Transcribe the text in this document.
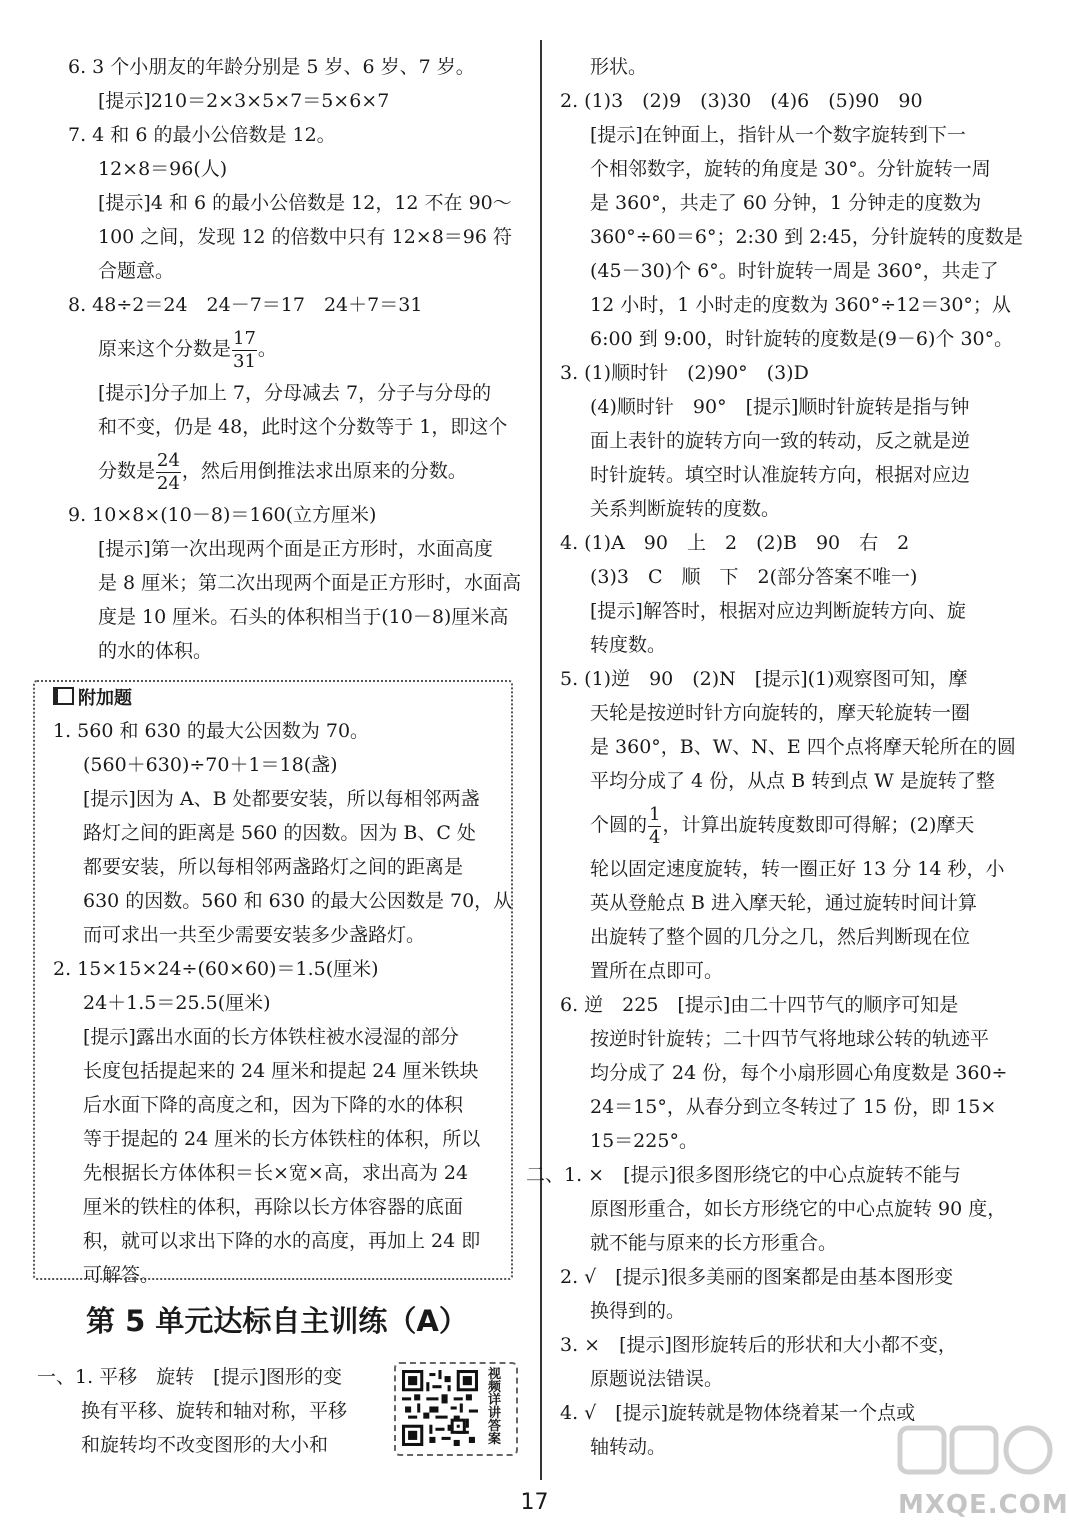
6. 3 个小朋友的年龄分别是 5 岁、6 岁、7 岁。
[提示]210＝2×3×5×7＝5×6×7
7. 4 和 6 的最小公倍数是 12。
12×8＝96(人)
[提示]4 和 6 的最小公倍数是 12，12 不在 90～
100 之间，发现 12 的倍数中只有 12×8＝96 符
合题意。
8. 48÷2＝24　24－7＝17　24＋7＝31
原来这个分数是 $\frac{17}{31}$ 。
[提示]分子加上 7，分母减去 7，分子与分母的
和不变，仍是 48，此时这个分数等于 1，即这个
分数是 $\frac{24}{24}$ ，然后用倒推法求出原来的分数。
9. 10×8×(10－8)＝160(立方厘米)
[提示]第一次出现两个面是正方形时，水面高度
是 8 厘米；第二次出现两个面是正方形时，水面高
度是 10 厘米。石头的体积相当于(10－8)厘米高
的水的体积。
附加题
1. 560 和 630 的最大公因数为 70。
(560＋630)÷70＋1＝18(盏)
[提示]因为 A、B 处都要安装，所以每相邻两盏
路灯之间的距离是 560 的因数。因为 B、C 处
都要安装，所以每相邻两盏路灯之间的距离是
630 的因数。560 和 630 的最大公因数是 70，从
而可求出一共至少需要安装多少盏路灯。
2. 15×15×24÷(60×60)＝1.5(厘米)
24＋1.5＝25.5(厘米)
[提示]露出水面的长方体铁柱被水浸湿的部分
长度包括提起来的 24 厘米和提起 24 厘米铁块
后水面下降的高度之和，因为下降的水的体积
等于提起的 24 厘米的长方体铁柱的体积，所以
先根据长方体体积＝长×宽×高，求出高为 24
厘米的铁柱的体积，再除以长方体容器的底面
积，就可以求出下降的水的高度，再加上 24 即
可解答。
第 5 单元达标自主训练（A）
一、1. 平移　旋转　[提示]图形的变
换有平移、旋转和轴对称，平移
和旋转均不改变图形的大小和
视频详讲答案
形状。
2. (1)3　(2)9　(3)30　(4)6　(5)90　90
[提示]在钟面上，指针从一个数字旋转到下一
个相邻数字，旋转的角度是 30°。分针旋转一周
是 360°，共走了 60 分钟，1 分钟走的度数为
360°÷60＝6°；2:30 到 2:45，分针旋转的度数是
(45－30)个 6°。时针旋转一周是 360°，共走了
12 小时，1 小时走的度数为 360°÷12＝30°；从
6:00 到 9:00，时针旋转的度数是(9－6)个 30°。
3. (1)顺时针　(2)90°　(3)D
(4)顺时针　90°　[提示]顺时针旋转是指与钟
面上表针的旋转方向一致的转动，反之就是逆
时针旋转。填空时认准旋转方向，根据对应边
关系判断旋转的度数。
4. (1)A　90　上　2　(2)B　90　右　2
(3)3　C　顺　下　2(部分答案不唯一)
[提示]解答时，根据对应边判断旋转方向、旋
转度数。
5. (1)逆　90　(2)N　[提示](1)观察图可知，摩
天轮是按逆时针方向旋转的，摩天轮旋转一圈
是 360°，B、W、N、E 四个点将摩天轮所在的圆
平均分成了 4 份，从点 B 转到点 W 是旋转了整
个圆的 $\frac{1}{4}$ ，计算出旋转度数即可得解；(2)摩天
轮以固定速度旋转，转一圈正好 13 分 14 秒，小
英从登舱点 B 进入摩天轮，通过旋转时间计算
出旋转了整个圆的几分之几，然后判断现在位
置所在点即可。
6. 逆　225　[提示]由二十四节气的顺序可知是
按逆时针旋转；二十四节气将地球公转的轨迹平
均分成了 24 份，每个小扇形圆心角度数是 360÷
24＝15°，从春分到立冬转过了 15 份，即 15×
15＝225°。
二、1. ×　[提示]很多图形绕它的中心点旋转不能与
原图形重合，如长方形绕它的中心点旋转 90 度，
就不能与原来的长方形重合。
2. √　[提示]很多美丽的图案都是由基本图形变
换得到的。
3. ×　[提示]图形旋转后的形状和大小都不变，
原题说法错误。
4. √　[提示]旋转就是物体绕着某一个点或
轴转动。
17	MXQE.COM
